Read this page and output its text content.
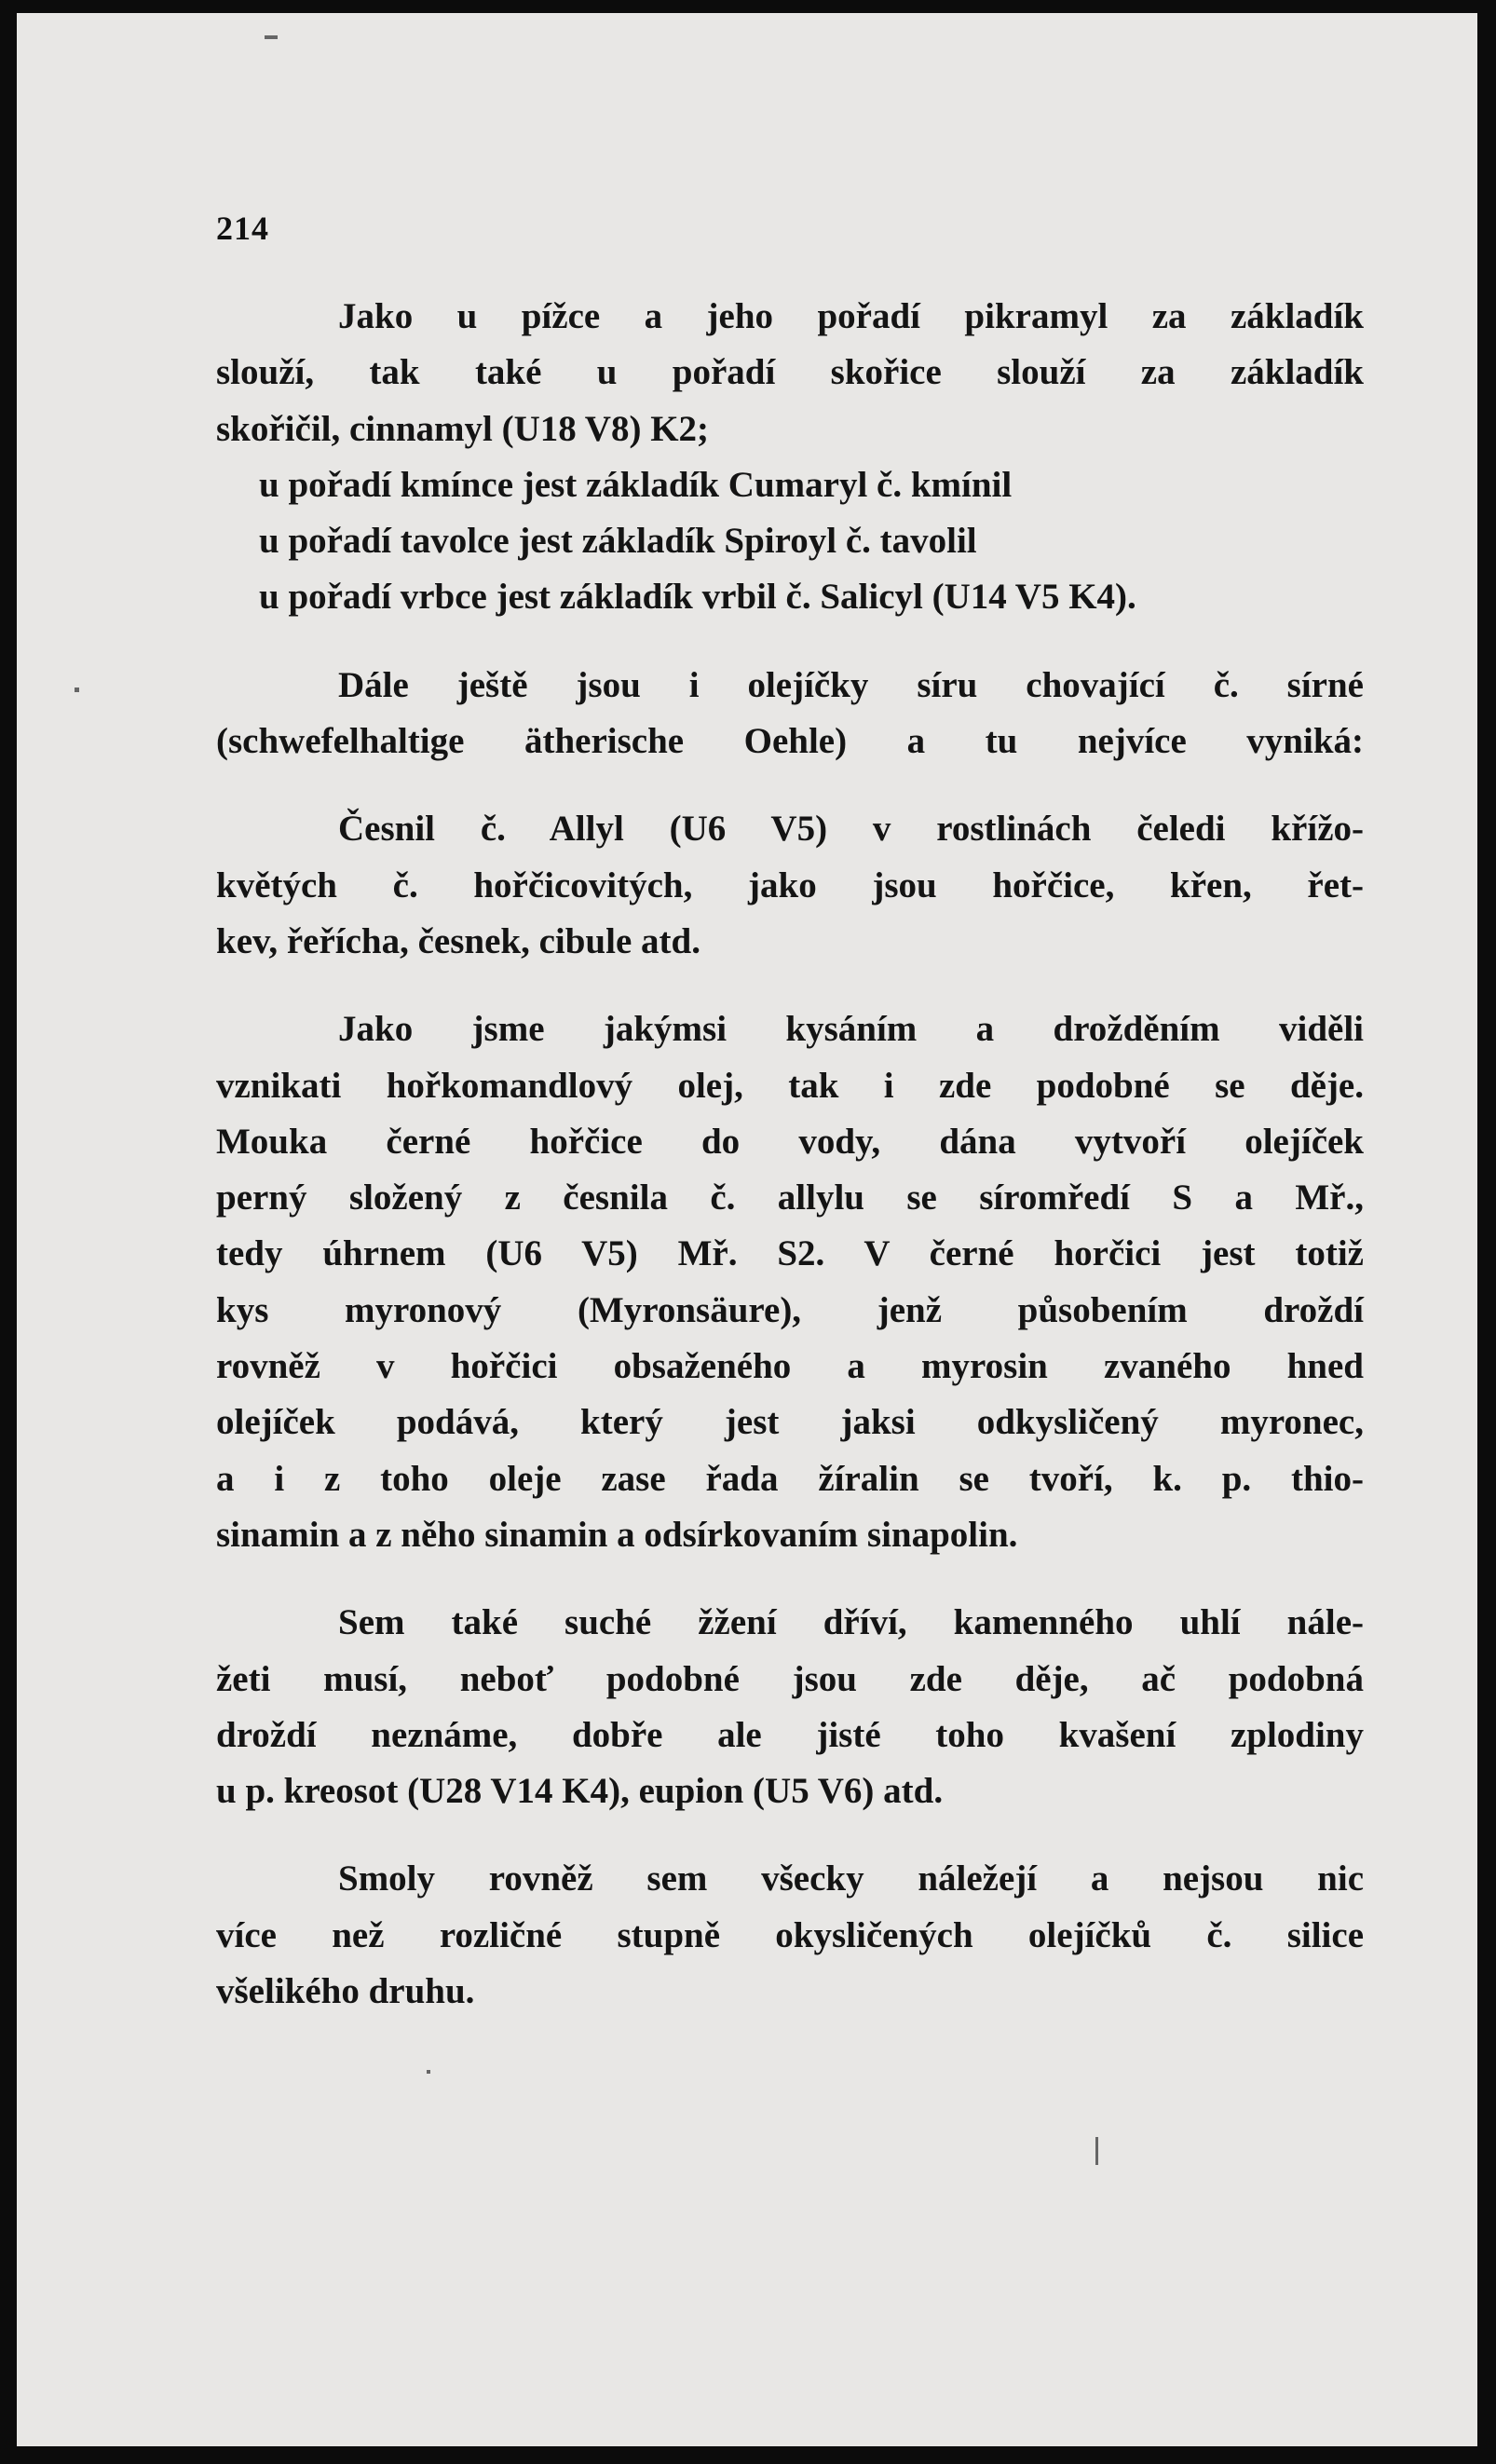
214
Jako u pížce a jeho pořadí pikramyl za základík
slouží, tak také u pořadí skořice slouží za základík
skořičil, cinnamyl (U18 V8) K2;
u pořadí kmínce jest základík Cumaryl č. kmínil
u pořadí tavolce jest základík Spiroyl č. tavolil
u pořadí vrbce jest základík vrbil č. Salicyl (U14 V5 K4).
Dále ještě jsou i olejíčky síru chovající č. sírné
(schwefelhaltige ätherische Oehle) a tu nejvíce vyniká:
Česnil č. Allyl (U6 V5) v rostlinách čeledi křížo-
květých č. hořčicovitých, jako jsou hořčice, křen, řet-
kev, řeřícha, česnek, cibule atd.
Jako jsme jakýmsi kysáním a drožděním viděli
vznikati hořkomandlový olej, tak i zde podobné se děje.
Mouka černé hořčice do vody, dána vytvoří olejíček
perný složený z česnila č. allylu se síromředí S a Mř.,
tedy úhrnem (U6 V5) Mř. S2. V černé horčici jest totiž
kys myronový (Myronsäure), jenž působením droždí
rovněž v hořčici obsaženého a myrosin zvaného hned
olejíček podává, který jest jaksi odkysličený myronec,
a i z toho oleje zase řada žíralin se tvoří, k. p. thio-
sinamin a z něho sinamin a odsírkovaním sinapolin.
Sem také suché žžení dříví, kamenného uhlí nále-
žeti musí, neboť podobné jsou zde děje, ač podobná
droždí neznáme, dobře ale jisté toho kvašení zplodiny
u p. kreosot (U28 V14 K4), eupion (U5 V6) atd.
Smoly rovněž sem všecky náležejí a nejsou nic
více než rozličné stupně okysličených olejíčků č. silice
všelikého druhu.
